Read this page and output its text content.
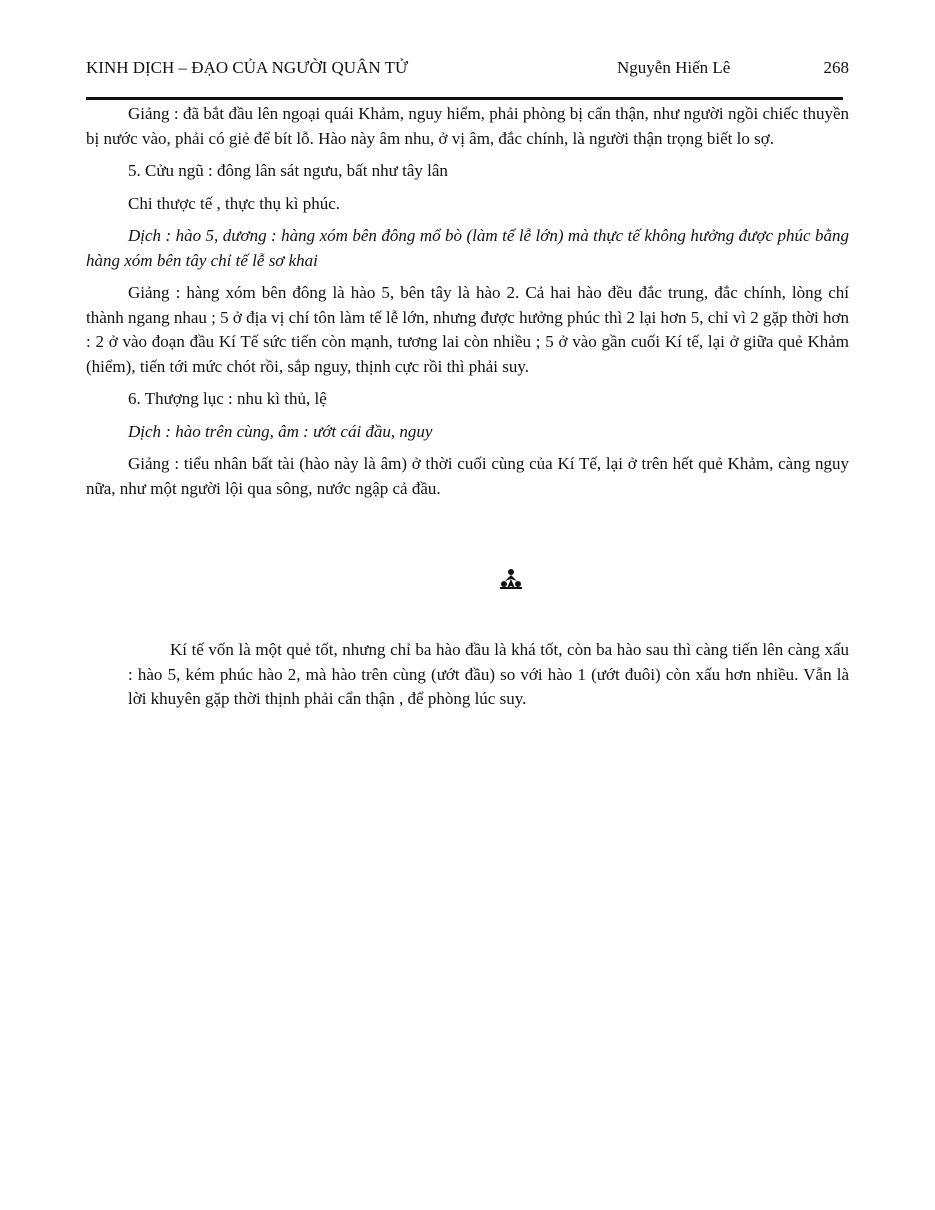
KINH DỊCH – ĐẠO CỦA NGƯỜI QUÂN TỬ	Nguyễn Hiến Lê	268

Giảng : đã bắt đầu lên ngoại quái Khảm, nguy hiểm, phải phòng bị cẩn thận, như người ngồi chiếc thuyền bị nước vào, phải có giẻ để bít lỗ. Hào này âm nhu, ở vị âm, đắc chính, là người thận trọng biết lo sợ.

5. Cửu ngũ : đông lân sát ngưu, bất như tây lân

Chi thược tế , thực thụ kì phúc.

Dịch : hào 5, dương : hàng xóm bên đông mổ bò (làm tế lễ lớn) mà thực tế không hưởng được phúc bằng hàng xóm bên tây chỉ tế lễ sơ khai

Giảng : hàng xóm bên đông là hào 5, bên tây là hào 2. Cả hai hào đều đắc trung, đắc chính, lòng chí thành ngang nhau ; 5 ở địa vị chí tôn làm tế lễ lớn, nhưng được hưởng phúc thì 2 lại hơn 5, chỉ vì 2 gặp thời hơn : 2 ở vào đoạn đầu Kí Tế sức tiến còn mạnh, tương lai còn nhiều ; 5 ở vào gần cuối Kí tế, lại ở giữa quẻ Khảm (hiểm), tiến tới mức chót rồi, sắp nguy, thịnh cực rồi thì phải suy.

6. Thượng lục : nhu kì thủ, lệ

Dịch : hào trên cùng, âm : ướt cái đầu, nguy

Giảng : tiểu nhân bất tài (hào này là âm) ở thời cuối cùng của Kí Tế, lại ở trên hết quẻ Khảm, càng nguy nữa, như một người lội qua sông, nước ngập cả đầu.

Kí tế vốn là một quẻ tốt, nhưng chỉ ba hào đầu là khá tốt, còn ba hào sau thì càng tiến lên càng xấu : hào 5, kém phúc hào 2, mà hào trên cùng (ướt đầu) so với hào 1 (ướt đuôi) còn xấu hơn nhiều. Vẫn là lời khuyên gặp thời thịnh phải cẩn thận , để phòng lúc suy.
